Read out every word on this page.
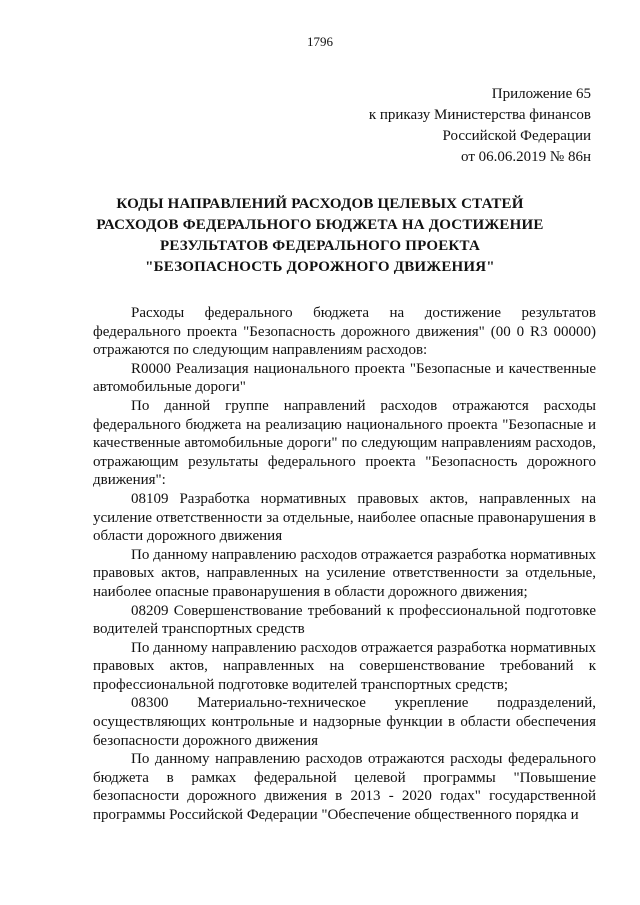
1796
Приложение 65
к приказу Министерства финансов
Российской Федерации
от 06.06.2019 № 86н
КОДЫ НАПРАВЛЕНИЙ РАСХОДОВ ЦЕЛЕВЫХ СТАТЕЙ
РАСХОДОВ ФЕДЕРАЛЬНОГО БЮДЖЕТА НА ДОСТИЖЕНИЕ
РЕЗУЛЬТАТОВ ФЕДЕРАЛЬНОГО ПРОЕКТА
"БЕЗОПАСНОСТЬ ДОРОЖНОГО ДВИЖЕНИЯ"

Расходы федерального бюджета на достижение результатов федерального проекта "Безопасность дорожного движения" (00 0 R3 00000) отражаются по следующим направлениям расходов:

R0000 Реализация национального проекта "Безопасные и качественные автомобильные дороги"

По данной группе направлений расходов отражаются расходы федерального бюджета на реализацию национального проекта "Безопасные и качественные автомобильные дороги" по следующим направлениям расходов, отражающим результаты федерального проекта "Безопасность дорожного движения":

08109 Разработка нормативных правовых актов, направленных на усиление ответственности за отдельные, наиболее опасные правонарушения в области дорожного движения

По данному направлению расходов отражается разработка нормативных правовых актов, направленных на усиление ответственности за отдельные, наиболее опасные правонарушения в области дорожного движения;

08209 Совершенствование требований к профессиональной подготовке водителей транспортных средств

По данному направлению расходов отражается разработка нормативных правовых актов, направленных на совершенствование требований к профессиональной подготовке водителей транспортных средств;

08300 Материально-техническое укрепление подразделений, осуществляющих контрольные и надзорные функции в области обеспечения безопасности дорожного движения

По данному направлению расходов отражаются расходы федерального бюджета в рамках федеральной целевой программы "Повышение безопасности дорожного движения в 2013 - 2020 годах" государственной программы Российской Федерации "Обеспечение общественного порядка и
